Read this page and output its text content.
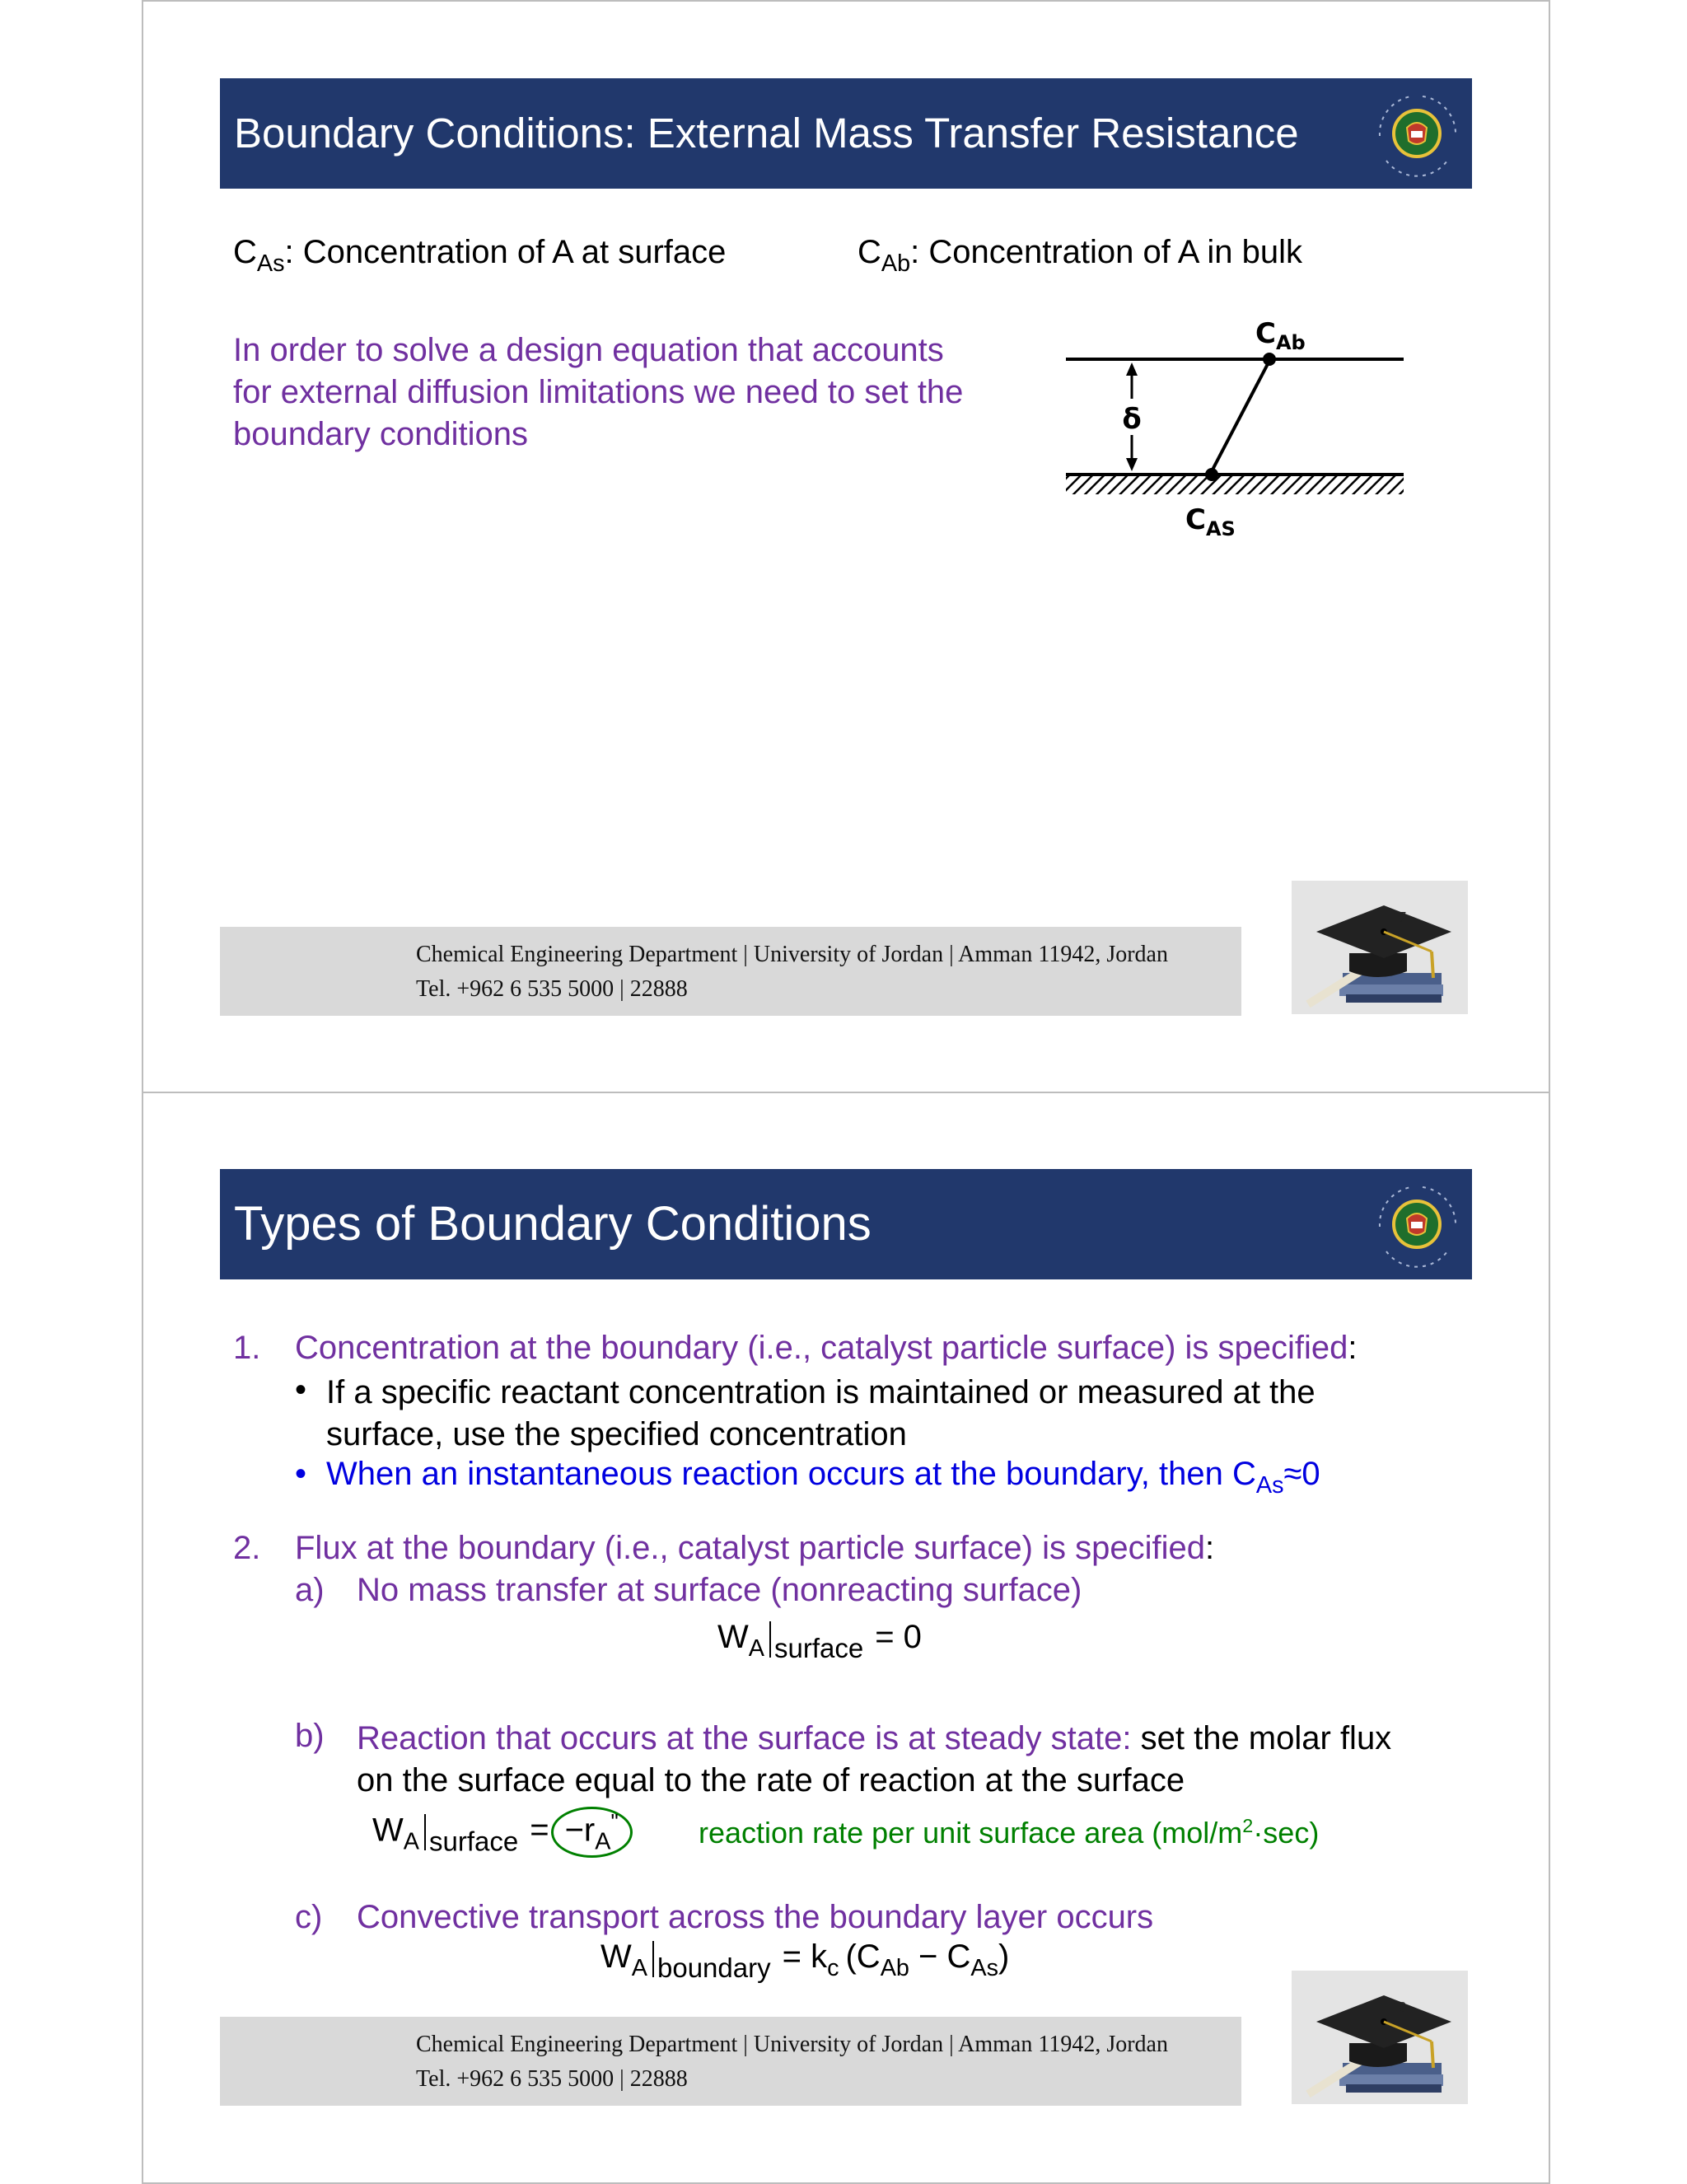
Boundary Conditions: External Mass Transfer Resistance
$C_{As}$: Concentration of A at surface	$C_{Ab}$: Concentration of A in bulk
In order to solve a design equation that accounts
for external diffusion limitations we need to set the
boundary conditions	δ
$C_{Ab}$
$C_{AS}$
Chemical Engineering Department | University of Jordan | Amman 11942, Jordan
Tel. +962 6 535 5000 | 22888
17
Types of Boundary Conditions
1. Concentration at the boundary (i.e., catalyst particle surface) is specified:
• If a specific reactant concentration is maintained or measured at the
surface, use the specified concentration
• When an instantaneous reaction occurs at the boundary, then $C_{As}\approx 0$
2. Flux at the boundary (i.e., catalyst particle surface) is specified:
a) No mass transfer at surface (nonreacting surface)
$W_A$ $_{surface}$ = 0
b) Reaction that occurs at the surface is at steady state: set the molar flux
on the surface equal to the rate of reaction at the surface
$W_A$ $_{surface} = -r_A^"$	reaction rate per unit surface area $(mol/m^2\cdot\sec)$
c) Convective transport across the boundary layer occurs
$W_A$ $_{boundary} = k_c$ $(C_{Ab} - C_{As})$
Chemical Engineering Department | University of Jordan | Amman 11942, Jordan
Tel. +962 6 535 5000 | 22888
18
